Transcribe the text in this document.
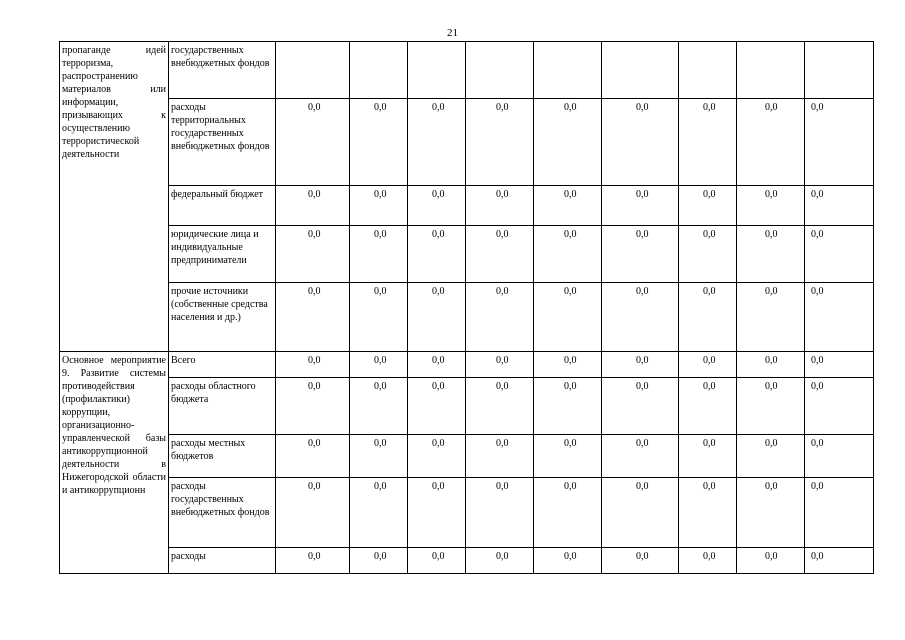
21
пропаганде идей терроризма, распространению материалов или информации, призывающих к осуществлению террористической деятельности	государственных внебюджетных фондов	

	расходы территориальных государственных внебюджетных фондов	0,0	0,0	0,0	0,0	0,0	0,0	0,0	0,0	0,0

	федеральный бюджет	0,0	0,0	0,0	0,0	0,0	0,0	0,0	0,0	0,0

	юридические лица и индивидуальные предприниматели	0,0	0,0	0,0	0,0	0,0	0,0	0,0	0,0	0,0

	прочие источники (собственные средства населения и др.)	0,0	0,0	0,0	0,0	0,0	0,0	0,0	0,0	0,0

Основное мероприятие 9. Развитие системы противодействия (профилактики) коррупции, организационно-управленческой базы антикоррупционной деятельности в Нижегородской области и антикоррупционн	Всего	0,0	0,0	0,0	0,0	0,0	0,0	0,0	0,0	0,0

	расходы областного бюджета	0,0	0,0	0,0	0,0	0,0	0,0	0,0	0,0	0,0

	расходы местных бюджетов	0,0	0,0	0,0	0,0	0,0	0,0	0,0	0,0	0,0

	расходы государственных внебюджетных фондов	0,0	0,0	0,0	0,0	0,0	0,0	0,0	0,0	0,0

	расходы	0,0	0,0	0,0	0,0	0,0	0,0	0,0	0,0	0,0
